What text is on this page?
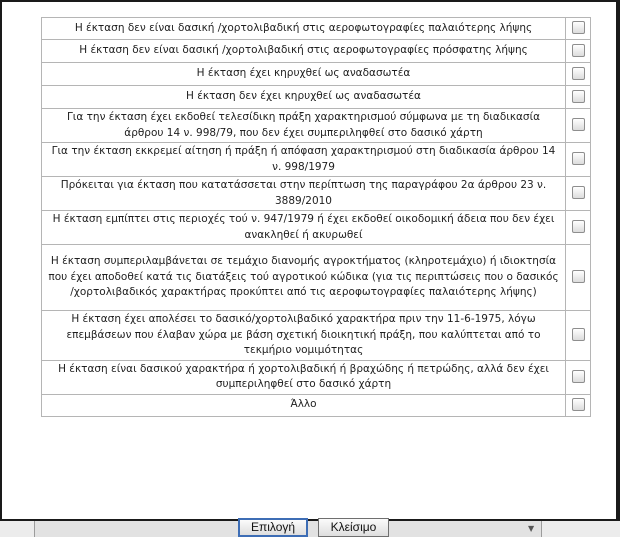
Η έκταση δεν είναι δασική /χορτολιβαδική στις αεροφωτογραφίες παλαιότερης λήψης	
Η έκταση δεν είναι δασική /χορτολιβαδική στις αεροφωτογραφίες πρόσφατης λήψης	
Η έκταση έχει κηρυχθεί ως αναδασωτέα	
Η έκταση δεν έχει κηρυχθεί ως αναδασωτέα	
Για την έκταση έχει εκδοθεί τελεσίδικη πράξη χαρακτηρισμού σύμφωνα με τη διαδικασία άρθρου 14 ν. 998/79, που δεν έχει συμπεριληφθεί στο δασικό χάρτη	
Για την έκταση εκκρεμεί αίτηση ή πράξη ή απόφαση χαρακτηρισμού στη διαδικασία άρθρου 14 ν. 998/1979	
Πρόκειται για έκταση που κατατάσσεται στην περίπτωση της παραγράφου 2α άρθρου 23 ν. 3889/2010	
Η έκταση εμπίπτει στις περιοχές τού ν. 947/1979 ή έχει εκδοθεί οικοδομική άδεια που δεν έχει ανακληθεί ή ακυρωθεί	
Η έκταση συμπεριλαμβάνεται σε τεμάχιο διανομής αγροκτήματος (κληροτεμάχιο) ή ιδιοκτησία που έχει αποδοθεί κατά τις διατάξεις τού αγροτικού κώδικα (για τις περιπτώσεις που ο δασικός /χορτολιβαδικός χαρακτήρας προκύπτει από τις αεροφωτογραφίες παλαιότερης λήψης)	
Η έκταση έχει απολέσει το δασικό/χορτολιβαδικό χαρακτήρα πριν την 11-6-1975, λόγω επεμβάσεων που έλαβαν χώρα με βάση σχετική διοικητική πράξη, που καλύπτεται από το τεκμήριο νομιμότητας	
Η έκταση είναι δασικού χαρακτήρα ή χορτολιβαδική ή βραχώδης ή πετρώδης, αλλά δεν έχει συμπεριληφθεί στο δασικό χάρτη	
Άλλο	
▼
Επιλογή	Κλείσιμο
